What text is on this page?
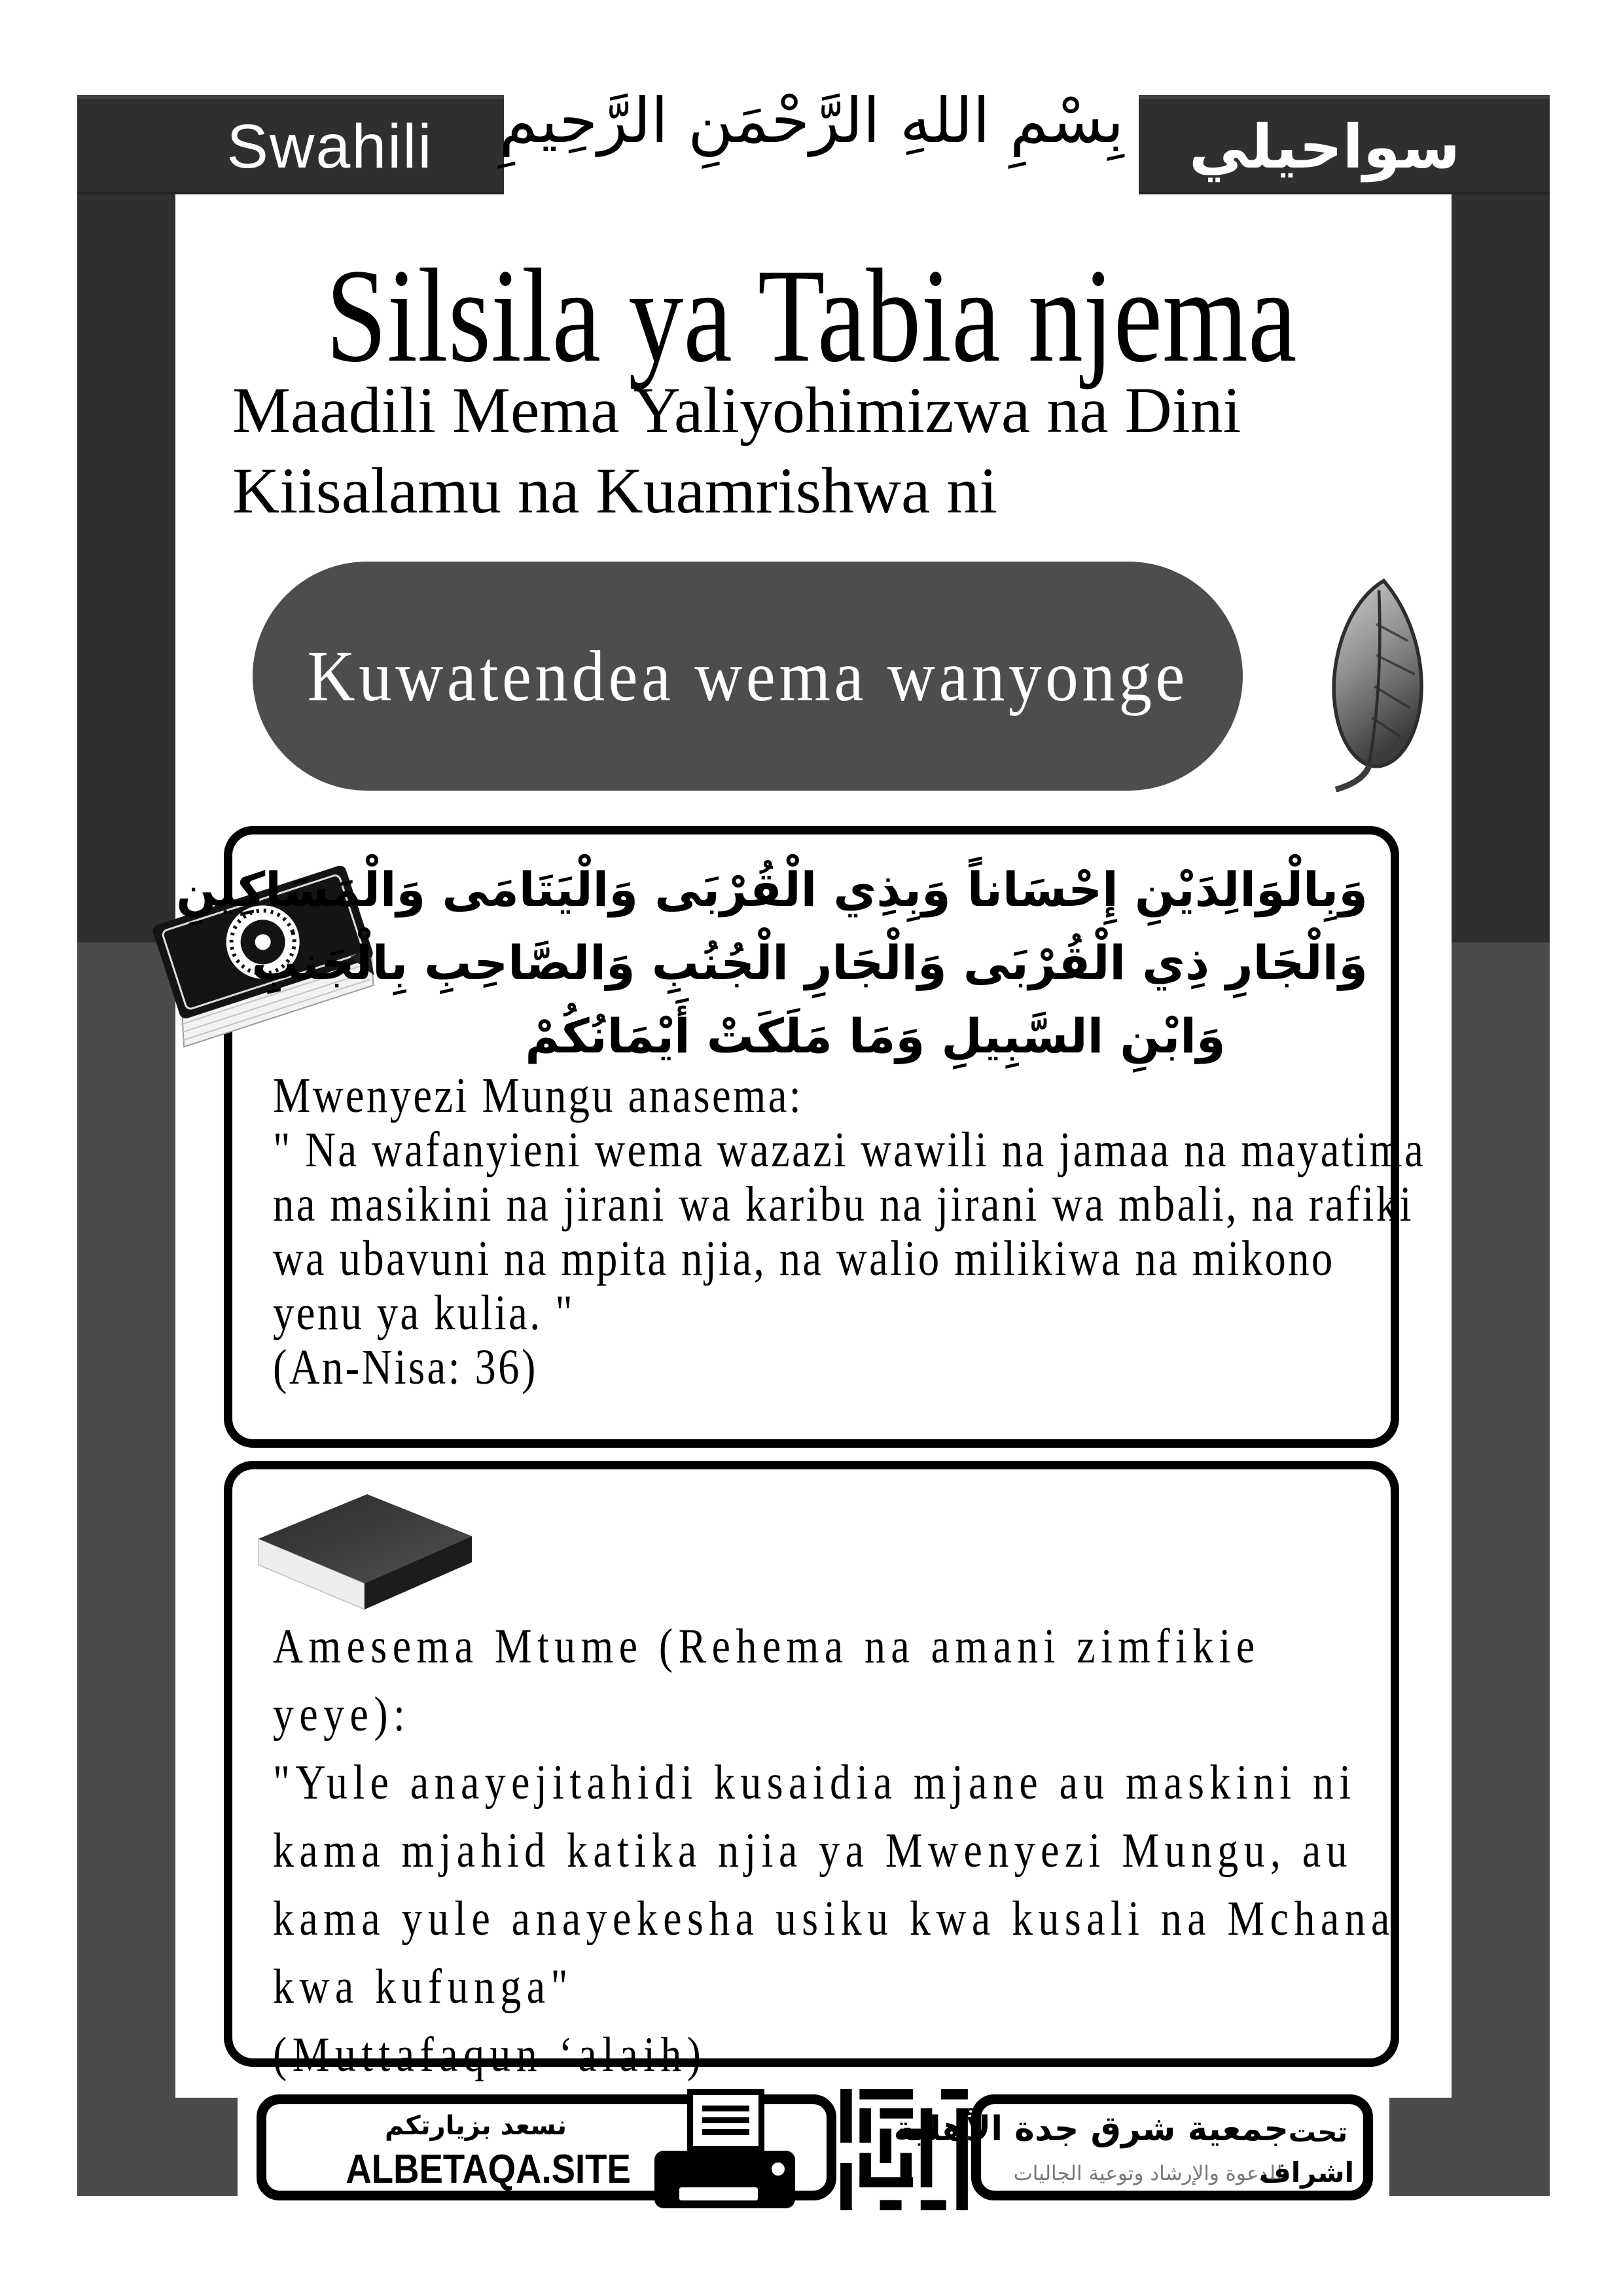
Swahili	سواحيلي
بِسْمِ اللهِ الرَّحْمَنِ الرَّحِيمِ
Silsila ya Tabia njema
Maadili Mema Yaliyohimizwa na Dini
Kiisalamu na Kuamrishwa ni
Kuwatendea wema wanyonge
وَبِالْوَالِدَيْنِ إِحْسَاناً وَبِذِي الْقُرْبَى وَالْيَتَامَى وَالْمَسَاكِينِ
وَالْجَارِ ذِي الْقُرْبَى وَالْجَارِ الْجُنُبِ وَالصَّاحِبِ بِالْجَنبِ
وَابْنِ السَّبِيلِ وَمَا مَلَكَتْ أَيْمَانُكُمْ
Mwenyezi Mungu anasema:
" Na wafanyieni wema wazazi wawili na jamaa na mayatima
na masikini na jirani wa karibu na jirani wa mbali, na rafiki
wa ubavuni na mpita njia, na walio milikiwa na mikono
yenu ya kulia. "
(An-Nisa: 36)
Amesema Mtume (Rehema na amani zimfikie
yeye):
"Yule anayejitahidi kusaidia mjane au maskini ni
kama mjahid katika njia ya Mwenyezi Mungu, au
kama yule anayekesha usiku kwa kusali na Mchana
kwa kufunga"
(Muttafaqun ‘alaih)
نسعد بزيارتكم
ALBETAQA.SITE
جمعية شرق جدة الأهلية
للدعوة والإرشاد وتوعية الجاليات
تحت
اشراف
